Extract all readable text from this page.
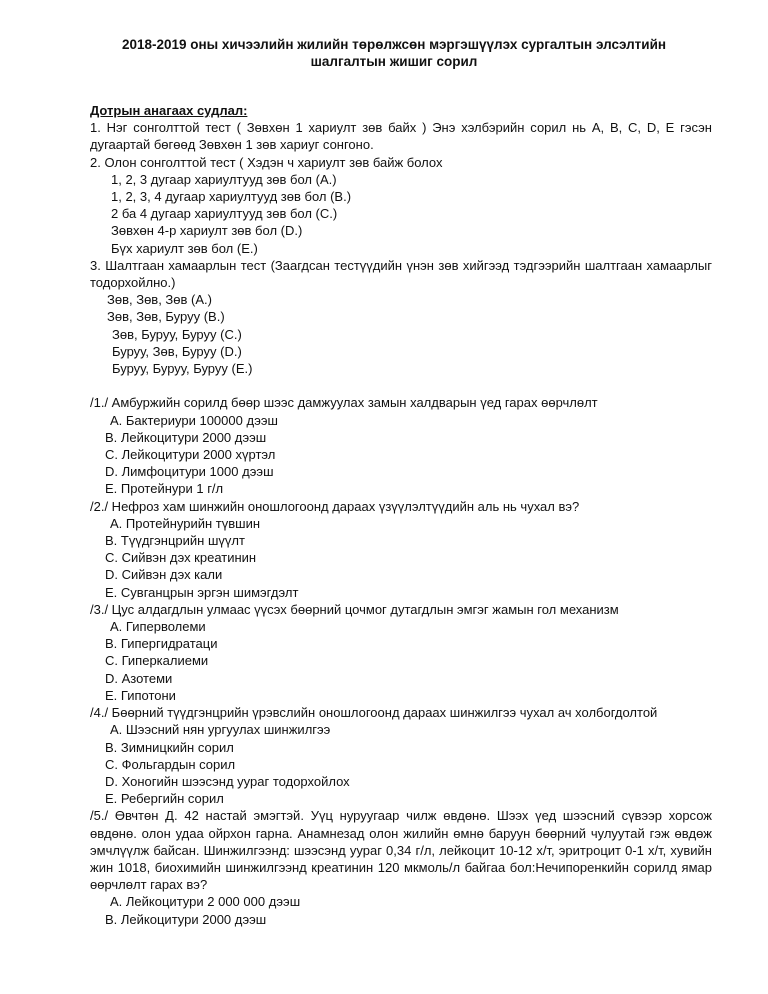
2018-2019 оны хичээлийн жилийн төрөлжсөн мэргэшүүлэх сургалтын элсэлтийн
шалгалтын жишиг сорил

Дотрын анагаах судлал:

1. Нэг сонголттой тест ( Зөвхөн 1 хариулт зөв байх ) Энэ хэлбэрийн сорил нь A, B, C, D, E гэсэн дугаартай бөгөөд Зөвхөн 1 зөв хариуг сонгоно.

2. Олон сонголттой тест ( Хэдэн ч хариулт зөв байж болох

1, 2, 3 дугаар хариултууд зөв бол (A.)

1, 2, 3, 4 дугаар хариултууд зөв бол (B.)

2 ба 4 дугаар хариултууд зөв бол (C.)

Зөвхөн 4-р хариулт зөв бол (D.)

Бүх хариулт зөв бол (E.)

3. Шалтгаан хамаарлын тест (Заагдсан тестүүдийн үнэн зөв хийгээд тэдгээрийн шалтгаан хамаарлыг тодорхойлно.)

Зөв, Зөв, Зөв (A.)

Зөв, Зөв, Буруу (B.)

Зөв, Буруу, Буруу (C.)

Буруу, Зөв, Буруу (D.)

Буруу, Буруу, Буруу (E.)

/1./ Амбуржийн сорилд бөөр шээс дамжуулах замын халдварын үед гарах өөрчлөлт

A. Бактериури 100000 дээш

B. Лейкоцитури 2000 дээш

C. Лейкоцитури 2000 хүртэл

D. Лимфоцитури 1000 дээш

E. Протейнури 1 г/л

/2./ Нефроз хам шинжийн оношлогоонд дараах үзүүлэлтүүдийн аль нь чухал вэ?

A. Протейнурийн түвшин

B. Түүдгэнцрийн шүүлт

C. Сийвэн дэх креатинин

D. Сийвэн дэх кали

E. Сувганцрын эргэн шимэгдэлт

/3./ Цус алдагдлын улмаас үүсэх бөөрний цочмог дутагдлын эмгэг жамын гол механизм

A. Гиперволеми

B. Гипергидратаци

C. Гиперкалиеми

D. Азотеми

E. Гипотони

/4./ Бөөрний түүдгэнцрийн үрэвслийн оношлогоонд дараах шинжилгээ чухал ач холбогдолтой

A. Шээсний нян ургуулах шинжилгээ

B. Зимницкийн сорил

C. Фольгардын сорил

D. Хоногийн шээсэнд уураг тодорхойлох

E. Ребергийн сорил

/5./ Өвчтөн Д. 42 настай эмэгтэй. Уүц нуруугаар чилж өвдөнө. Шээх үед шээсний сүвээр хорсож өвдөнө. олон удаа ойрхон гарна. Анамнезад олон жилийн өмнө баруун бөөрний чулуутай гэж өвдөж эмчлүүлж байсан. Шинжилгээнд: шээсэнд уураг 0,34 г/л, лейкоцит 10-12 х/т, эритроцит 0-1 х/т, хувийн жин 1018, биохимийн шинжилгээнд креатинин 120 мкмоль/л байгаа бол:Нечипоренкийн сорилд ямар өөрчлөлт гарах вэ?

A. Лейкоцитури 2 000 000 дээш

B. Лейкоцитури 2000 дээш
